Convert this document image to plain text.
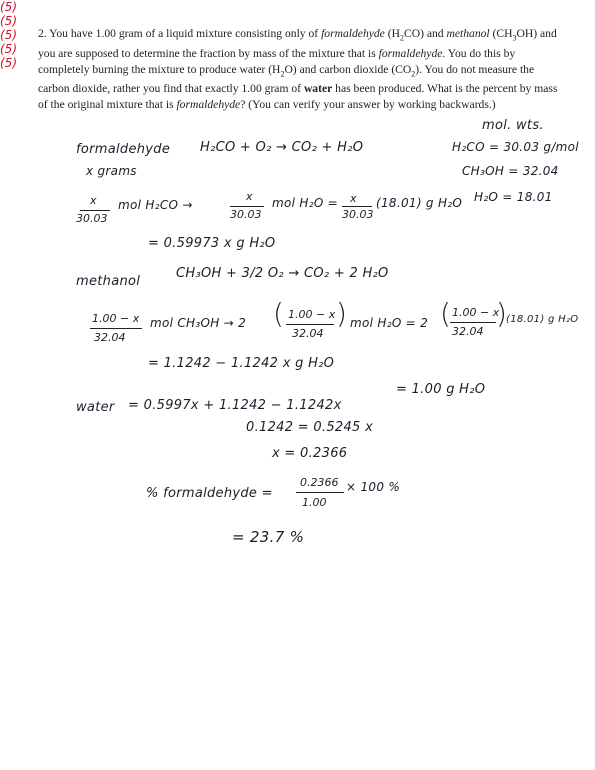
2. You have 1.00 gram of a liquid mixture consisting only of formaldehyde $(H_2CO)$ and methanol $(CH_3OH)$ and you are supposed to determine the fraction by mass of the mixture that is formaldehyde. You do this by completely burning the mixture to produce water $(H_2O)$ and carbon dioxide $(CO_2)$. You do not measure the carbon dioxide, rather you find that exactly 1.00 gram of water has been produced. What is the percent by mass of the original mixture that is formaldehyde? (You can verify your answer by working backwards.)
mol. wts.
H₂CO = 30.03 g/mol
CH₃OH = 32.04
H₂O = 18.01
formaldehyde
x grams
H₂CO + O₂ → CO₂ + H₂O
x
30.03
mol H₂CO →
x
30.03
mol H₂O = x
30.03
(18.01) g H₂O
= 0.59973 x g H₂O
(5)
methanol
CH₃OH + 3/2 O₂ → CO₂ + 2 H₂O
1.00 − x
32.04
mol CH₃OH → 2 ( 1.00 − x
32.04
) mol H₂O = 2 ( 1.00 − x
32.04
) (18.01) g H₂O
= 1.1242 − 1.1242 x g H₂O
(5)
water = 0.5997x + 1.1242 − 1.1242x
= 1.00 g H₂O
(5)
0.1242 = 0.5245 x
x = 0.2366
(5)
% formaldehyde =
0.2366
1.00
× 100 %
= 23.7 %
(5)
